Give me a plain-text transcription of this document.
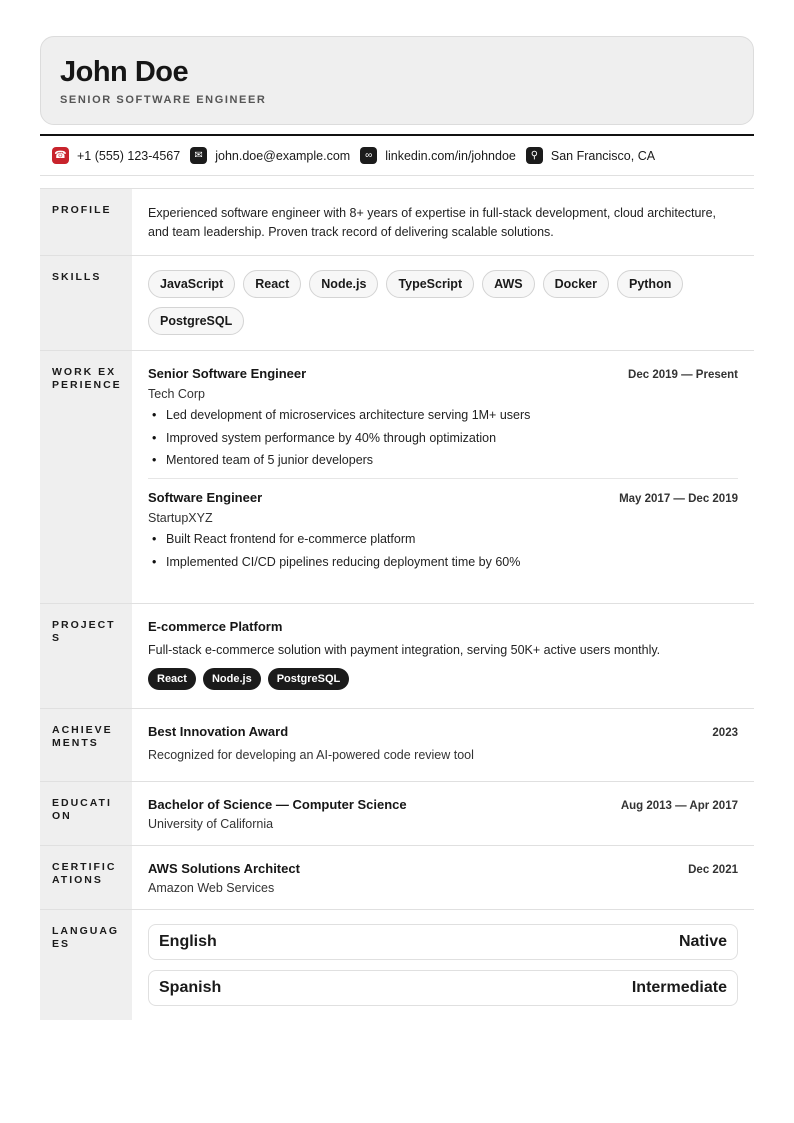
John Doe
SENIOR SOFTWARE ENGINEER
☎ +1 (555) 123-4567	✉ john.doe@example.com	∞	linkedin.com/in/johndoe	⚲	San Francisco, CA
PROFILE	Experienced software engineer with 8+ years of expertise in full-stack development, cloud architecture, and team leadership. Proven track record of delivering scalable solutions.

SKILLS	JavaScript	React	Node.js	TypeScript	AWS	Docker	Python
PostgreSQL
WORK EXPERIENCE
Senior Software Engineer	Dec 2019 — Present
Tech Corp
• Led development of microservices architecture serving 1M+ users
• Improved system performance by 40% through optimization
• Mentored team of 5 junior developers
Software Engineer	May 2017 — Dec 2019
StartupXYZ
• Built React frontend for e-commerce platform
• Implemented CI/CD pipelines reducing deployment time by 60%
PROJECTS
E-commerce Platform
Full-stack e-commerce solution with payment integration, serving 50K+ active users monthly.
React	Node.js	PostgreSQL
ACHIEVEMENTS
Best Innovation Award	2023
Recognized for developing an AI-powered code review tool
EDUCATION
Bachelor of Science — Computer Science	Aug 2013 — Apr 2017
University of California
CERTIFICATIONS
AWS Solutions Architect	Dec 2021
Amazon Web Services
LANGUAGES	English	Native
Spanish	Intermediate
